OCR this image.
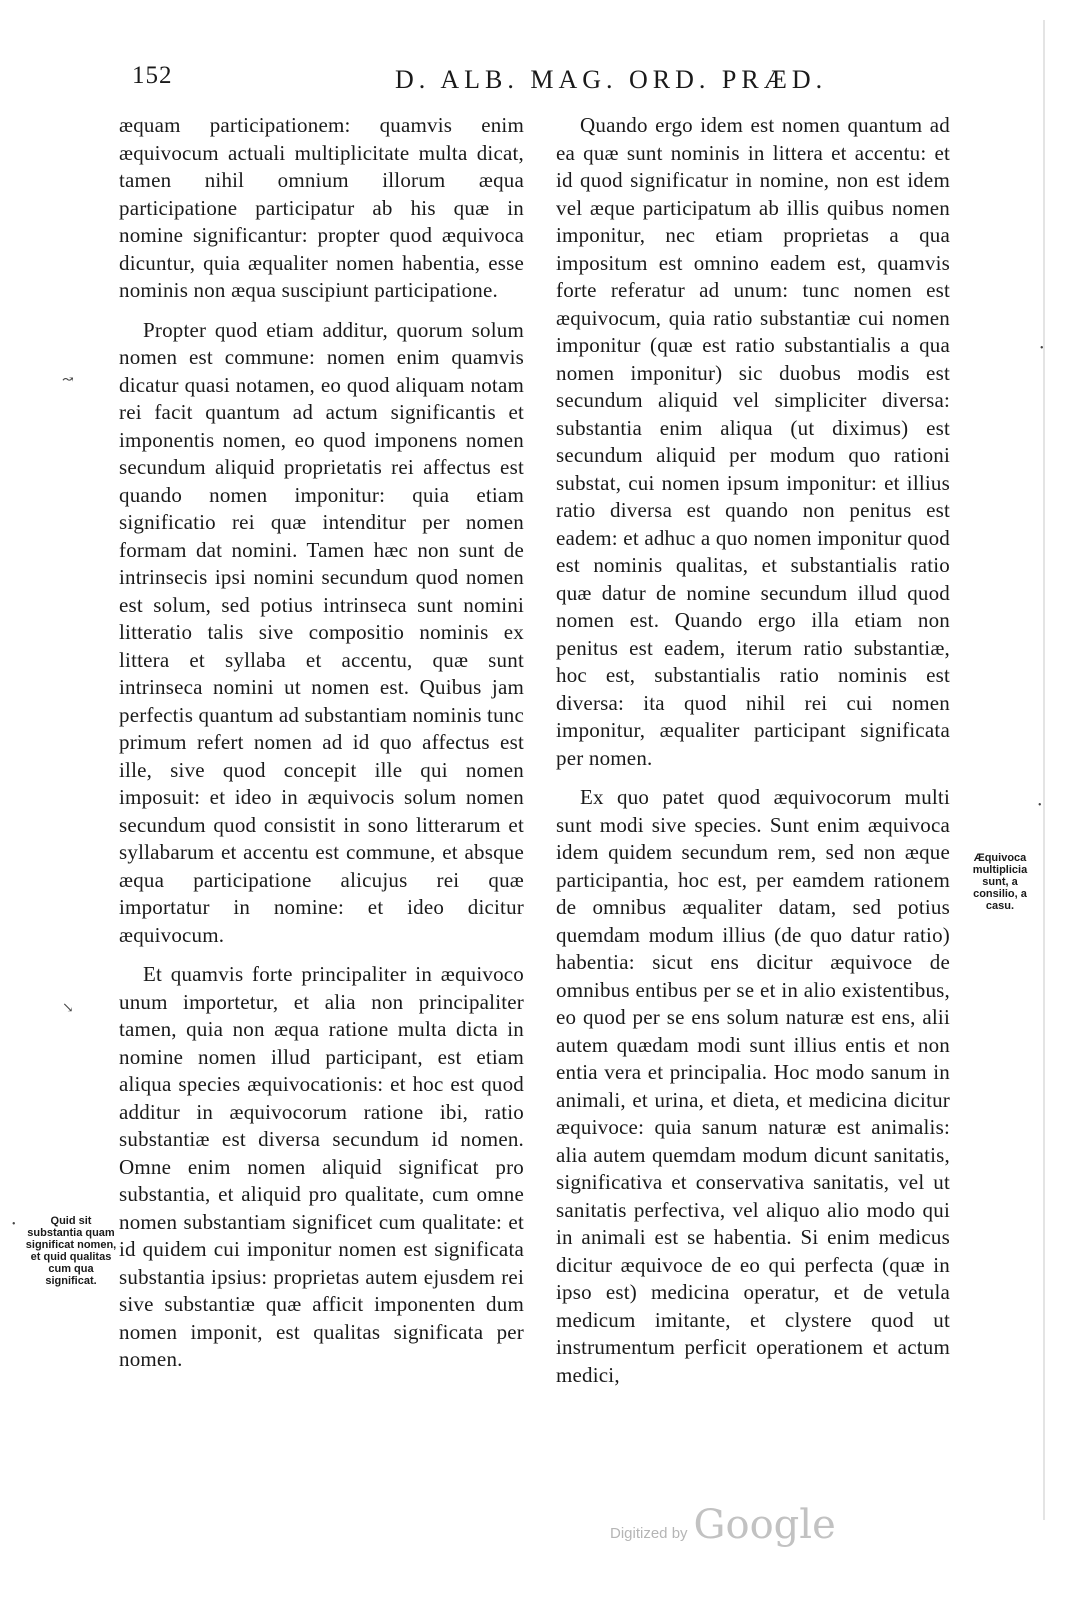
152	D. ALB. MAG. ORD. PRÆD.

æquam participationem: quamvis enim æquivocum actuali multiplicitate multa dicat, tamen nihil omnium illorum æqua participatione participatur ab his quæ in nomine significantur: propter quod æquivoca dicuntur, quia æqualiter nomen habentia, esse nominis non æqua suscipiunt participatione.

Propter quod etiam additur, quorum solum nomen est commune: nomen enim quamvis dicatur quasi notamen, eo quod aliquam notam rei facit quantum ad actum significantis et imponentis nomen, eo quod imponens nomen secundum aliquid proprietatis rei affectus est quando nomen imponitur: quia etiam significatio rei quæ intenditur per nomen formam dat nomini. Tamen hæc non sunt de intrinsecis ipsi nomini secundum quod nomen est solum, sed potius intrinseca sunt nomini litteratio talis sive compositio nominis ex littera et syllaba et accentu, quæ sunt intrinseca nomini ut nomen est. Quibus jam perfectis quantum ad substantiam nominis tunc primum refert nomen ad id quo affectus est ille, sive quod concepit ille qui nomen imposuit: et ideo in æquivocis solum nomen secundum quod consistit in sono litterarum et syllabarum et accentu est commune, et absque æqua participatione alicujus rei quæ importatur in nomine: et ideo dicitur æquivocum.

Et quamvis forte principaliter in æquivoco unum importetur, et alia non principaliter tamen, quia non æqua ratione multa dicta in nomine nomen illud participant, est etiam aliqua species æquivocationis: et hoc est quod additur in æquivocorum ratione ibi, ratio substantiæ est diversa secundum id nomen. Omne enim nomen aliquid significat pro substantia, et aliquid pro qualitate, cum omne nomen substantiam significet cum qualitate: et id quidem cui imponitur nomen est significata substantia ipsius: proprietas autem ejusdem rei sive substantiæ quæ afficit imponenten dum nomen imponit, est qualitas significata per nomen.

Quando ergo idem est nomen quantum ad ea quæ sunt nominis in littera et accentu: et id quod significatur in nomine, non est idem vel æque participatum ab illis quibus nomen imponitur, nec etiam proprietas a qua impositum est omnino eadem est, quamvis forte referatur ad unum: tunc nomen est æquivocum, quia ratio substantiæ cui nomen imponitur (quæ est ratio substantialis a qua nomen imponitur) sic duobus modis est secundum aliquid vel simpliciter diversa: substantia enim aliqua (ut diximus) est secundum aliquid per modum quo rationi substat, cui nomen ipsum imponitur: et illius ratio diversa est quando non penitus est eadem: et adhuc a quo nomen imponitur quod est nominis qualitas, et substantialis ratio quæ datur de nomine secundum illud quod nomen est. Quando ergo illa etiam non penitus est eadem, iterum ratio substantiæ, hoc est, substantialis ratio nominis est diversa: ita quod nihil rei cui nomen imponitur, æqualiter participant significata per nomen.

Ex quo patet quod æquivocorum multi sunt modi sive species. Sunt enim æquivoca idem quidem secundum rem, sed non æque participantia, hoc est, per eamdem rationem de omnibus æqualiter datam, sed potius quemdam modum illius (de quo datur ratio) habentia: sicut ens dicitur æquivoce de omnibus entibus per se et in alio existentibus, eo quod per se ens solum naturæ est ens, alii autem quædam modi sunt illius entis et non entia vera et principalia. Hoc modo sanum in animali, et urina, et dieta, et medicina dicitur æquivoce: quia sanum naturæ est animalis: alia autem quemdam modum dicunt sanitatis, significativa et conservativa sanitatis, vel ut sanitatis perfectiva, vel aliquo alio modo qui in animali est se habentia. Si enim medicus dicitur æquivoce de eo qui perfecta (quæ in ipso est) medicina operatur, et de vetula medicum imitante, et clystere quod ut instrumentum perficit operationem et actum medici,

Quid sit substantia quam significat nomen, et quid qualitas cum qua significat.
Æquivoca multiplicia sunt, a consilio, a casu.
↝
↘
•
•
•
Digitized by Google
